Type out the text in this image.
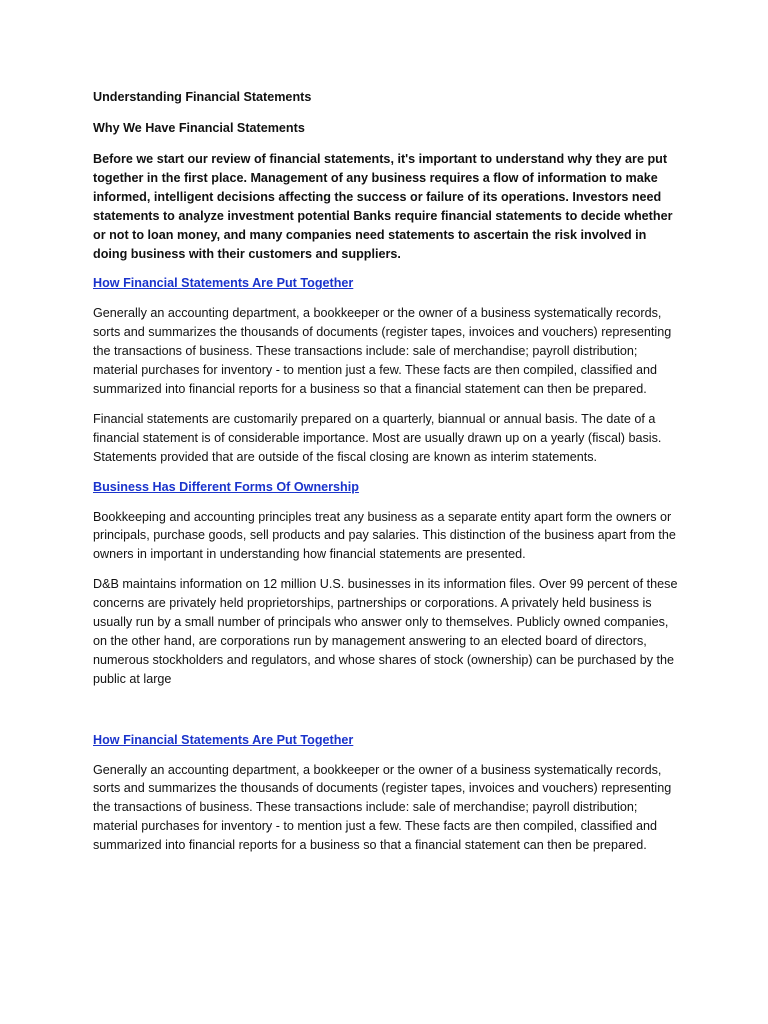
Understanding Financial Statements
Why We Have Financial Statements

Before we start our review of financial statements, it's important to understand why they are put together in the first place. Management of any business requires a flow of information to make informed, intelligent decisions affecting the success or failure of its operations. Investors need statements to analyze investment potential Banks require financial statements to decide whether or not to loan money, and many companies need statements to ascertain the risk involved in doing business with their customers and suppliers.

How Financial Statements Are Put Together

Generally an accounting department, a bookkeeper or the owner of a business systematically records, sorts and summarizes the thousands of documents (register tapes, invoices and vouchers) representing the transactions of business. These transactions include: sale of merchandise; payroll distribution; material purchases for inventory - to mention just a few. These facts are then compiled, classified and summarized into financial reports for a business so that a financial statement can then be prepared.

Financial statements are customarily prepared on a quarterly, biannual or annual basis. The date of a financial statement is of considerable importance. Most are usually drawn up on a yearly (fiscal) basis. Statements provided that are outside of the fiscal closing are known as interim statements.

Business Has Different Forms Of Ownership

Bookkeeping and accounting principles treat any business as a separate entity apart form the owners or principals, purchase goods, sell products and pay salaries. This distinction of the business apart from the owners in important in understanding how financial statements are presented.

D&B maintains information on 12 million U.S. businesses in its information files. Over 99 percent of these concerns are privately held proprietorships, partnerships or corporations. A privately held business is usually run by a small number of principals who answer only to themselves. Publicly owned companies, on the other hand, are corporations run by management answering to an elected board of directors, numerous stockholders and regulators, and whose shares of stock (ownership) can be purchased by the public at large

How Financial Statements Are Put Together

Generally an accounting department, a bookkeeper or the owner of a business systematically records, sorts and summarizes the thousands of documents (register tapes, invoices and vouchers) representing the transactions of business. These transactions include: sale of merchandise; payroll distribution; material purchases for inventory - to mention just a few. These facts are then compiled, classified and summarized into financial reports for a business so that a financial statement can then be prepared.
